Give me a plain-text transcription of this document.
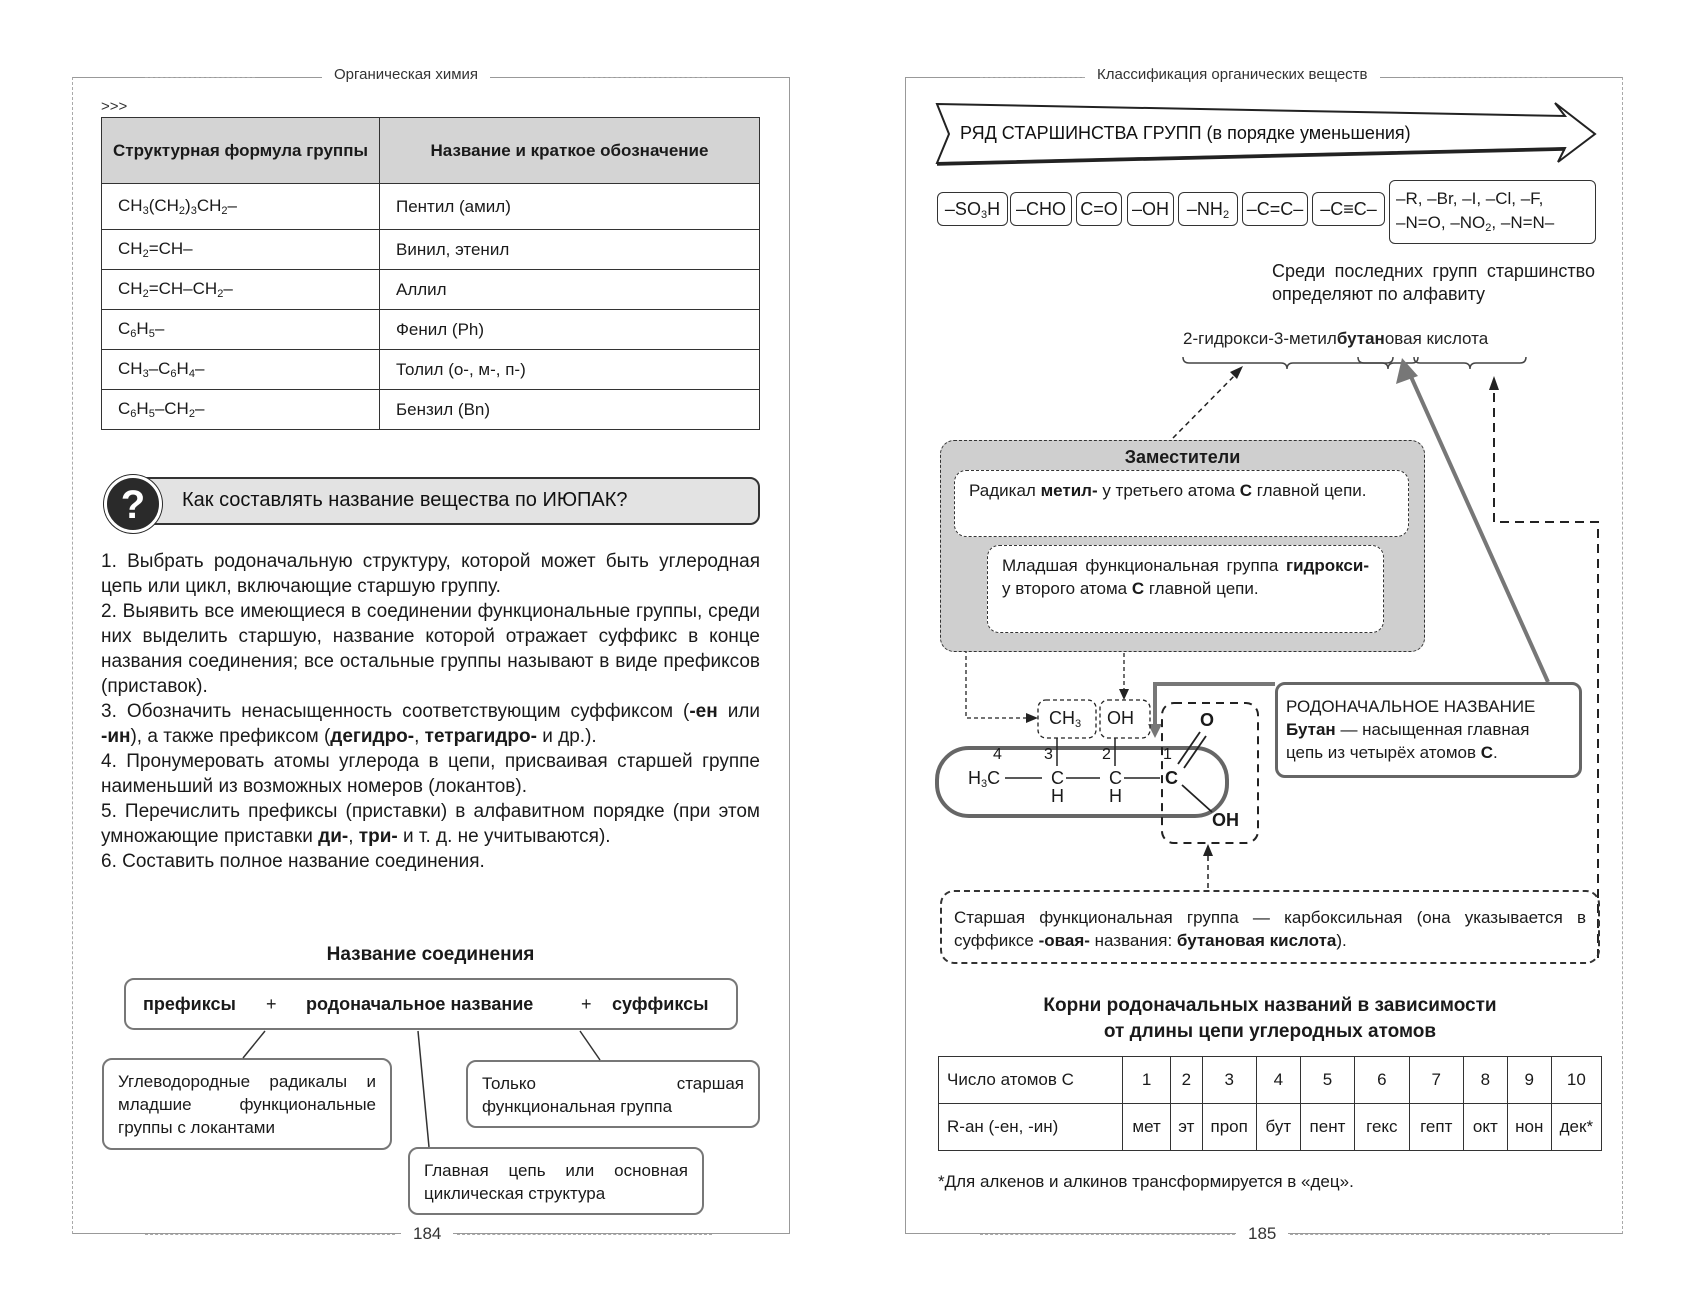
Органическая химия
>>>
Структурная формула группы	Название и краткое обозначение
$CH_3(CH_2)_3CH_2-$	Пентил (амил)
$CH_2=CH-$	Винил, этенил
$CH_2=CH-CH_2-$	Аллил
$C_6H_5-$	Фенил (Ph)
$CH_3-C_6H_4-$	Толил (о-, м-, п-)
$C_6H_5-CH_2-$	Бензил (Bn)
?	Как составлять название вещества по ИЮПАК?

1. Выбрать родоначальную структуру, которой может быть углеродная цепь или цикл, включающие старшую группу.

2. Выявить все имеющиеся в соединении функциональные группы, среди них выделить старшую, название которой отражает суффикс в конце названия соединения; все остальные группы называют в виде префиксов (приставок).

3. Обозначить ненасыщенность соответствующим суффиксом (-ен или -ин), а также префиксом (дегидро-, тетрагидро- и др.).

4. Пронумеровать атомы углерода в цепи, присваивая старшей группе наименьший из возможных номеров (локантов).

5. Перечислить префиксы (приставки) в алфавитном порядке (при этом умножающие приставки ди-, три- и т. д. не учитываются).

6. Составить полное название соединения.

Название соединения
префиксы + родоначальное название	+ суффиксы
Углеводородные радикалы и младшие функциональные группы с локантами
Только старшая функциональная группа
Главная цепь или основная циклическая структура
184
Классификация органических веществ
РЯД СТАРШИНСТВА ГРУПП (в порядке уменьшения)
$-SO_3H$ –CHO C=O –OH $-NH_2$ –C=C– –C≡C–
–R, –Br, –I, –Cl, –F,
–N=O, $-NO_2$, –N=N–
Среди последних групп старшинство определяют по алфавиту
2-гидрокси-3-метилбутановая кислота
Заместители
Радикал метил- у третьего атома С главной цепи.
Младшая функциональная группа гидрокси- у второго атома С главной цепи.
$CH_3$ OH	O
OH
$H_3C$	C	C C
H	H
4	3	2	1
РОДОНАЧАЛЬНОЕ НАЗВАНИЕ
Бутан — насыщенная главная цепь из четырёх атомов С.
Старшая функциональная группа — карбоксильная (она указывается в суффиксе -овая- названия: бутановая кислота).
Корни родоначальных названий в зависимости
от длины цепи углеродных атомов
Число атомов С	1	2	3	4	5	6	7	8	9	10
R-ан (-ен, -ин)	мет	эт	проп	бут	пент	гекс	гепт	окт	нон	дек*
*Для алкенов и алкинов трансформируется в «дец».
185
